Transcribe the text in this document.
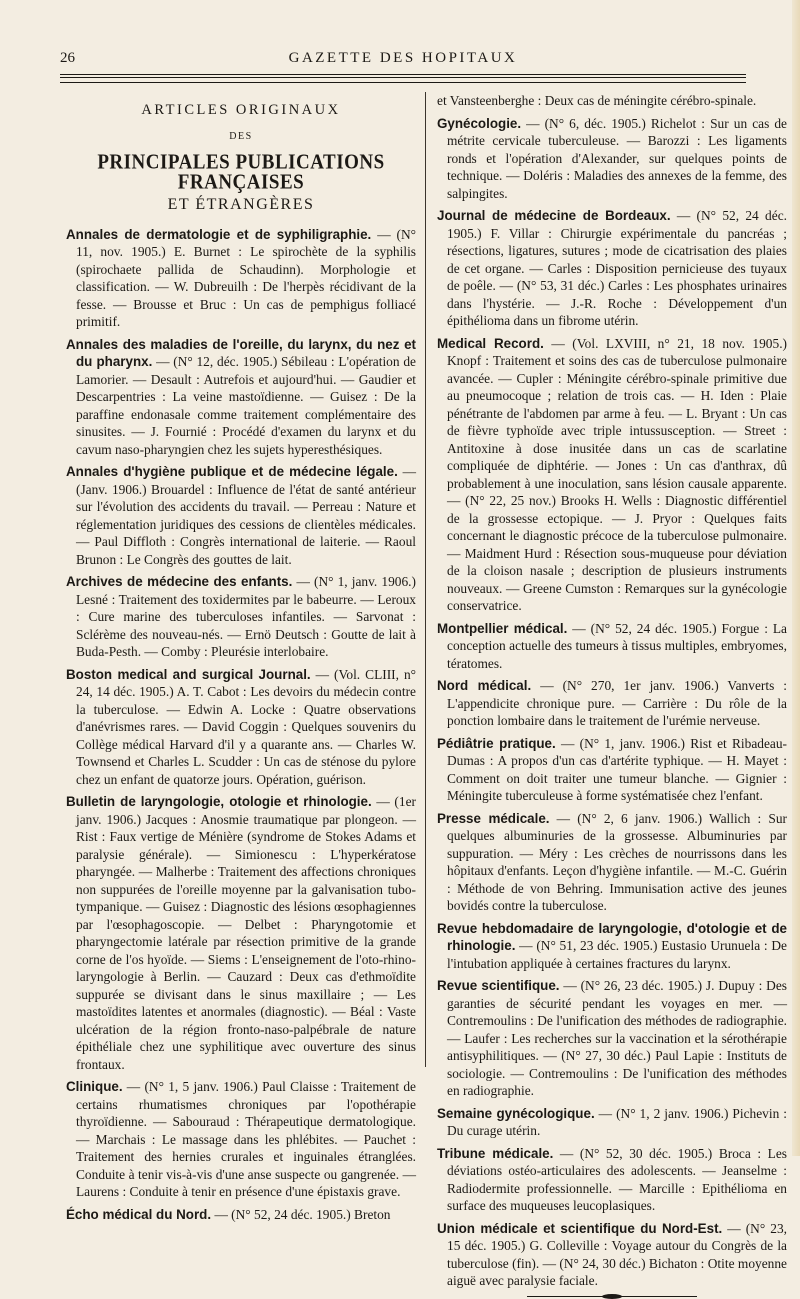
26	GAZETTE DES HOPITAUX
ARTICLES ORIGINAUX
DES
PRINCIPALES PUBLICATIONS FRANÇAISES
ET ÉTRANGÈRES

Annales de dermatologie et de syphiligraphie. — (N° 11, nov. 1905.) E. Burnet : Le spirochète de la syphilis (spirochaete pallida de Schaudinn). Morphologie et classification. — W. Dubreuilh : De l'herpès récidivant de la fesse. — Brousse et Bruc : Un cas de pemphigus folliacé primitif.

Annales des maladies de l'oreille, du larynx, du nez et du pharynx. — (N° 12, déc. 1905.) Sébileau : L'opération de Lamorier. — Desault : Autrefois et aujourd'hui. — Gaudier et Descarpentries : La veine mastoïdienne. — Guisez : De la paraffine endonasale comme traitement complémentaire des sinusites. — J. Fournié : Procédé d'examen du larynx et du cavum naso-pharyngien chez les sujets hyperesthésiques.

Annales d'hygiène publique et de médecine légale. — (Janv. 1906.) Brouardel : Influence de l'état de santé antérieur sur l'évolution des accidents du travail. — Perreau : Nature et réglementation juridiques des cessions de clientèles médicales. — Paul Diffloth : Congrès international de laiterie. — Raoul Brunon : Le Congrès des gouttes de lait.

Archives de médecine des enfants. — (N° 1, janv. 1906.) Lesné : Traitement des toxidermites par le babeurre. — Leroux : Cure marine des tuberculoses infantiles. — Sarvonat : Sclérème des nouveau-nés. — Ernö Deutsch : Goutte de lait à Buda-Pesth. — Comby : Pleurésie interlobaire.

Boston medical and surgical Journal. — (Vol. CLIII, n° 24, 14 déc. 1905.) A. T. Cabot : Les devoirs du médecin contre la tuberculose. — Edwin A. Locke : Quatre observations d'anévrismes rares. — David Coggin : Quelques souvenirs du Collège médical Harvard d'il y a quarante ans. — Charles W. Townsend et Charles L. Scudder : Un cas de sténose du pylore chez un enfant de quatorze jours. Opération, guérison.

Bulletin de laryngologie, otologie et rhinologie. — (1er janv. 1906.) Jacques : Anosmie traumatique par plongeon. — Rist : Faux vertige de Ménière (syndrome de Stokes Adams et paralysie générale). — Simionescu : L'hyperkératose pharyngée. — Malherbe : Traitement des affections chroniques non suppurées de l'oreille moyenne par la galvanisation tubo-tympanique. — Guisez : Diagnostic des lésions œsophagiennes par l'œsophagoscopie. — Delbet : Pharyngotomie et pharyngectomie latérale par résection primitive de la grande corne de l'os hyoïde. — Siems : L'enseignement de l'oto-rhino-laryngologie à Berlin. — Cauzard : Deux cas d'ethmoïdite suppurée se divisant dans le sinus maxillaire ; — Les mastoïdites latentes et anormales (diagnostic). — Béal : Vaste ulcération de la région fronto-naso-palpébrale de nature épithéliale chez une syphilitique avec ouverture des sinus frontaux.

Clinique. — (N° 1, 5 janv. 1906.) Paul Claisse : Traitement de certains rhumatismes chroniques par l'opothérapie thyroïdienne. — Sabouraud : Thérapeutique dermatologique. — Marchais : Le massage dans les phlébites. — Pauchet : Traitement des hernies crurales et inguinales étranglées. Conduite à tenir vis-à-vis d'une anse suspecte ou gangrenée. — Laurens : Conduite à tenir en présence d'une épistaxis grave.

Écho médical du Nord. — (N° 52, 24 déc. 1905.) Breton

et Vansteenberghe : Deux cas de méningite cérébro-spinale.

Gynécologie. — (N° 6, déc. 1905.) Richelot : Sur un cas de métrite cervicale tuberculeuse. — Barozzi : Les ligaments ronds et l'opération d'Alexander, sur quelques points de technique. — Doléris : Maladies des annexes de la femme, des salpingites.

Journal de médecine de Bordeaux. — (N° 52, 24 déc. 1905.) F. Villar : Chirurgie expérimentale du pancréas ; résections, ligatures, sutures ; mode de cicatrisation des plaies de cet organe. — Carles : Disposition pernicieuse des tuyaux de poêle. — (N° 53, 31 déc.) Carles : Les phosphates urinaires dans l'hystérie. — J.-R. Roche : Développement d'un épithélioma dans un fibrome utérin.

Medical Record. — (Vol. LXVIII, n° 21, 18 nov. 1905.) Knopf : Traitement et soins des cas de tuberculose pulmonaire avancée. — Cupler : Méningite cérébro-spinale primitive due au pneumocoque ; relation de trois cas. — H. Iden : Plaie pénétrante de l'abdomen par arme à feu. — L. Bryant : Un cas de fièvre typhoïde avec triple intussusception. — Street : Antitoxine à dose inusitée dans un cas de scarlatine compliquée de diphtérie. — Jones : Un cas d'anthrax, dû probablement à une inoculation, sans lésion causale apparente. — (N° 22, 25 nov.) Brooks H. Wells : Diagnostic différentiel de la grossesse ectopique. — J. Pryor : Quelques faits concernant le diagnostic précoce de la tuberculose pulmonaire. — Maidment Hurd : Résection sous-muqueuse pour déviation de la cloison nasale ; description de plusieurs instruments nouveaux. — Greene Cumston : Remarques sur la gynécologie conservatrice.

Montpellier médical. — (N° 52, 24 déc. 1905.) Forgue : La conception actuelle des tumeurs à tissus multiples, embryomes, tératomes.

Nord médical. — (N° 270, 1er janv. 1906.) Vanverts : L'appendicite chronique pure. — Carrière : Du rôle de la ponction lombaire dans le traitement de l'urémie nerveuse.

Pédiâtrie pratique. — (N° 1, janv. 1906.) Rist et Ribadeau-Dumas : A propos d'un cas d'artérite typhique. — H. Mayet : Comment on doit traiter une tumeur blanche. — Gignier : Méningite tuberculeuse à forme systématisée chez l'enfant.

Presse médicale. — (N° 2, 6 janv. 1906.) Wallich : Sur quelques albuminuries de la grossesse. Albuminuries par suppuration. — Méry : Les crèches de nourrissons dans les hôpitaux d'enfants. Leçon d'hygiène infantile. — M.-C. Guérin : Méthode de von Behring. Immunisation active des jeunes bovidés contre la tuberculose.

Revue hebdomadaire de laryngologie, d'otologie et de rhinologie. — (N° 51, 23 déc. 1905.) Eustasio Urunuela : De l'intubation appliquée à certaines fractures du larynx.

Revue scientifique. — (N° 26, 23 déc. 1905.) J. Dupuy : Des garanties de sécurité pendant les voyages en mer. — Contremoulins : De l'unification des méthodes de radiographie. — Laufer : Les recherches sur la vaccination et la sérothérapie antisyphilitiques. — (N° 27, 30 déc.) Paul Lapie : Instituts de sociologie. — Contremoulins : De l'unification des méthodes en radiographie.

Semaine gynécologique. — (N° 1, 2 janv. 1906.) Pichevin : Du curage utérin.

Tribune médicale. — (N° 52, 30 déc. 1905.) Broca : Les déviations ostéo-articulaires des adolescents. — Jeanselme : Radiodermite professionnelle. — Marcille : Epithélioma en surface des muqueuses leucoplasiques.

Union médicale et scientifique du Nord-Est. — (N° 23, 15 déc. 1905.) G. Colleville : Voyage autour du Congrès de la tuberculose (fin). — (N° 24, 30 déc.) Bichaton : Otite moyenne aiguë avec paralysie faciale.
